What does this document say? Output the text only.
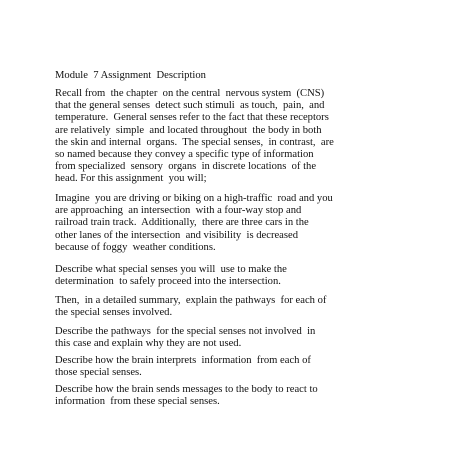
Module  7 Assignment  Description

Recall from  the chapter  on the central  nervous system  (CNS)
that the general senses  detect such stimuli  as touch,  pain,  and
temperature.  General senses refer to the fact that these receptors
are relatively  simple  and located throughout  the body in both
the skin and internal  organs.  The special senses,  in contrast,  are
so named because they convey a specific type of information
from specialized  sensory  organs  in discrete locations  of the
head. For this assignment  you will;
Imagine  you are driving or biking on a high-traffic  road and you
are approaching  an intersection  with a four-way stop and
railroad train track.  Additionally,  there are three cars in the
other lanes of the intersection  and visibility  is decreased
because of foggy  weather conditions.
Describe what special senses you will  use to make the
determination  to safely proceed into the intersection.
Then,  in a detailed summary,  explain the pathways  for each of
the special senses involved.
Describe the pathways  for the special senses not involved  in
this case and explain why they are not used.
Describe how the brain interprets  information  from each of
those special senses.
Describe how the brain sends messages to the body to react to
information  from these special senses.
